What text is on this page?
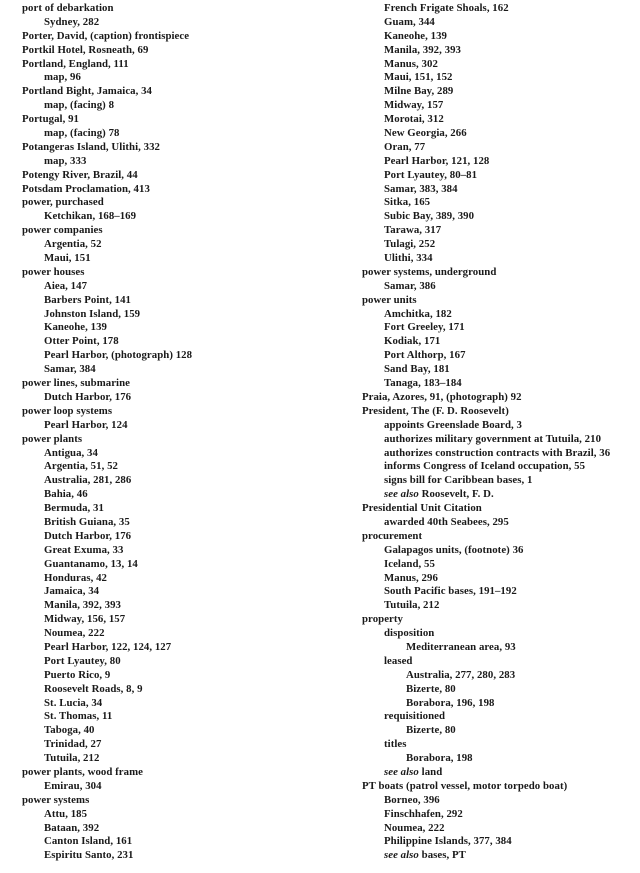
port of debarkation
Sydney, 282
Porter, David, (caption) frontispiece
Portkil Hotel, Rosneath, 69
Portland, England, 111
map, 96
Portland Bight, Jamaica, 34
map, (facing) 8
Portugal, 91
map, (facing) 78
Potangeras Island, Ulithi, 332
map, 333
Potengy River, Brazil, 44
Potsdam Proclamation, 413
power, purchased
Ketchikan, 168–169
power companies
Argentia, 52
Maui, 151
power houses
Aiea, 147
Barbers Point, 141
Johnston Island, 159
Kaneohe, 139
Otter Point, 178
Pearl Harbor, (photograph) 128
Samar, 384
power lines, submarine
Dutch Harbor, 176
power loop systems
Pearl Harbor, 124
power plants
Antigua, 34
Argentia, 51, 52
Australia, 281, 286
Bahia, 46
Bermuda, 31
British Guiana, 35
Dutch Harbor, 176
Great Exuma, 33
Guantanamo, 13, 14
Honduras, 42
Jamaica, 34
Manila, 392, 393
Midway, 156, 157
Noumea, 222
Pearl Harbor, 122, 124, 127
Port Lyautey, 80
Puerto Rico, 9
Roosevelt Roads, 8, 9
St. Lucia, 34
St. Thomas, 11
Taboga, 40
Trinidad, 27
Tutuila, 212
power plants, wood frame
Emirau, 304
power systems
Attu, 185
Bataan, 392
Canton Island, 161
Espiritu Santo, 231
French Frigate Shoals, 162
Guam, 344
Kaneohe, 139
Manila, 392, 393
Manus, 302
Maui, 151, 152
Milne Bay, 289
Midway, 157
Morotai, 312
New Georgia, 266
Oran, 77
Pearl Harbor, 121, 128
Port Lyautey, 80–81
Samar, 383, 384
Sitka, 165
Subic Bay, 389, 390
Tarawa, 317
Tulagi, 252
Ulithi, 334
power systems, underground
Samar, 386
power units
Amchitka, 182
Fort Greeley, 171
Kodiak, 171
Port Althorp, 167
Sand Bay, 181
Tanaga, 183–184
Praia, Azores, 91, (photograph) 92
President, The (F. D. Roosevelt)
appoints Greenslade Board, 3
authorizes military government at Tutuila, 210
authorizes construction contracts with Brazil, 36
informs Congress of Iceland occupation, 55
signs bill for Caribbean bases, 1
see also Roosevelt, F. D.
Presidential Unit Citation
awarded 40th Seabees, 295
procurement
Galapagos units, (footnote) 36
Iceland, 55
Manus, 296
South Pacific bases, 191–192
Tutuila, 212
property
disposition
Mediterranean area, 93
leased
Australia, 277, 280, 283
Bizerte, 80
Borabora, 196, 198
requisitioned
Bizerte, 80
titles
Borabora, 198
see also land
PT boats (patrol vessel, motor torpedo boat)
Borneo, 396
Finschhafen, 292
Noumea, 222
Philippine Islands, 377, 384
see also bases, PT
